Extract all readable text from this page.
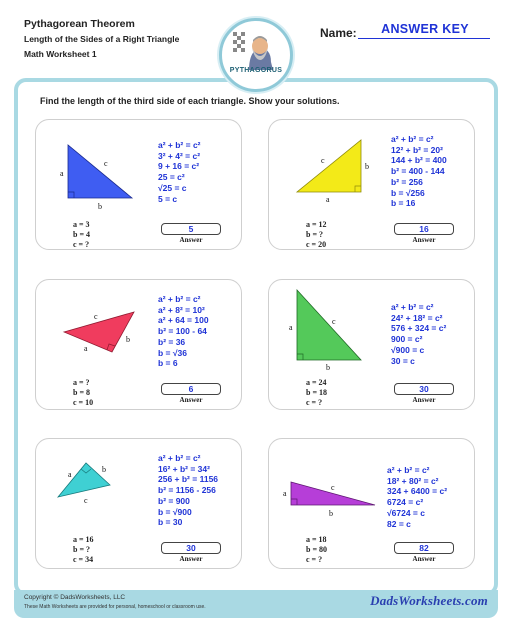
Pythagorean Theorem
Length of the Sides of a Right Triangle
Math Worksheet 1
PYTHAGORUS
Name:	ANSWER KEY
Find the length of the third side of each triangle. Show your solutions.
a
b
c
a = 3
b = 4
c = ?
a² + b² = c²
3² + 4² = c²
9 + 16 = c²
25 = c²
√25 = c
5 = c
5
Answer
a
b
c
a = 12
b = ?
c = 20
a² + b² = c²
12² + b² = 20²
144 + b² = 400
b² = 400 - 144
b² = 256
b = √256
b = 16
16
Answer
a
b
c
a = ?
b = 8
c = 10
a² + b² = c²
a² + 8² = 10²
a² + 64 = 100
b² = 100 - 64
b² = 36
b = √36
b = 6
6
Answer
a
b
c
a = 24
b = 18
c = ?
a² + b² = c²
24² + 18² = c²
576 + 324 = c²
900 = c²
√900 = c
30 = c
30
Answer
a
b
c
a = 16
b = ?
c = 34
a² + b² = c²
16² + b² = 34²
256 + b² = 1156
b² = 1156 - 256
b² = 900
b = √900
b = 30
30
Answer
a
b
c
a = 18
b = 80
c = ?
a² + b² = c²
18² + 80² = c²
324 + 6400 = c²
6724 = c²
√6724 = c
82 = c
82
Answer
Copyright © DadsWorksheets, LLC
These Math Worksheets are provided for personal, homeschool or classroom use.	DadsWorksheets.com
